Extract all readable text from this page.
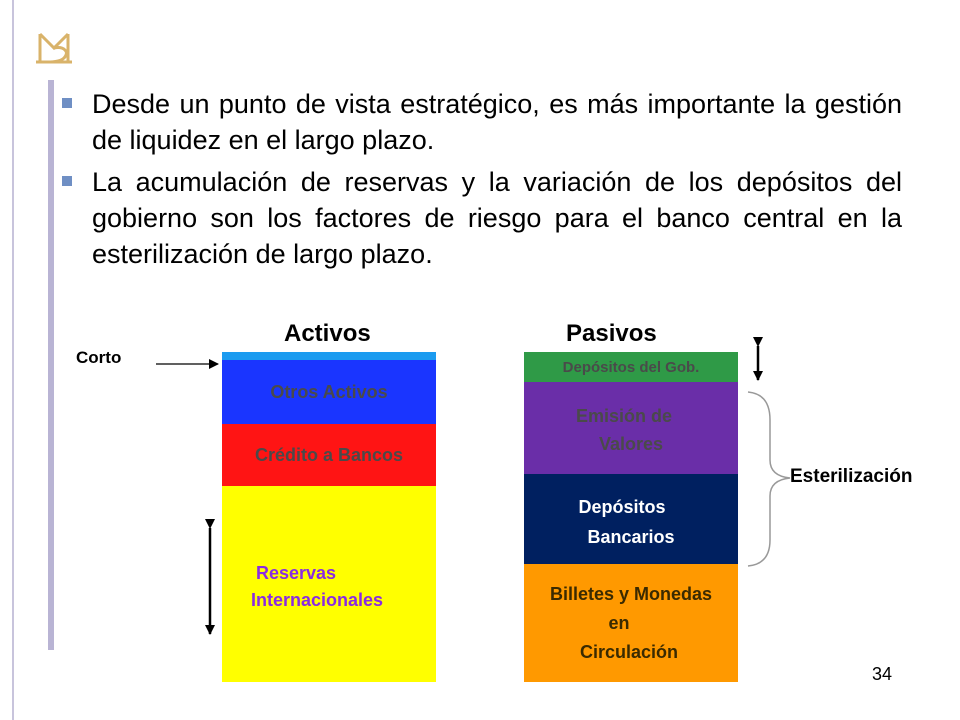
Desde un punto de vista estratégico, es más importante la gestión de liquidez en el largo plazo.
La acumulación de reservas y la variación de los depósitos del gobierno son los factores de riesgo para el banco central en la esterilización de largo plazo.
Activos	Pasivos
Corto
Otros Activos
Crédito a Bancos
Reservas
Internacionales
Depósitos del Gob.
Emisión de
Valores
Depósitos
Bancarios
Billetes y Monedas
en
Circulación
Esterilización
34
